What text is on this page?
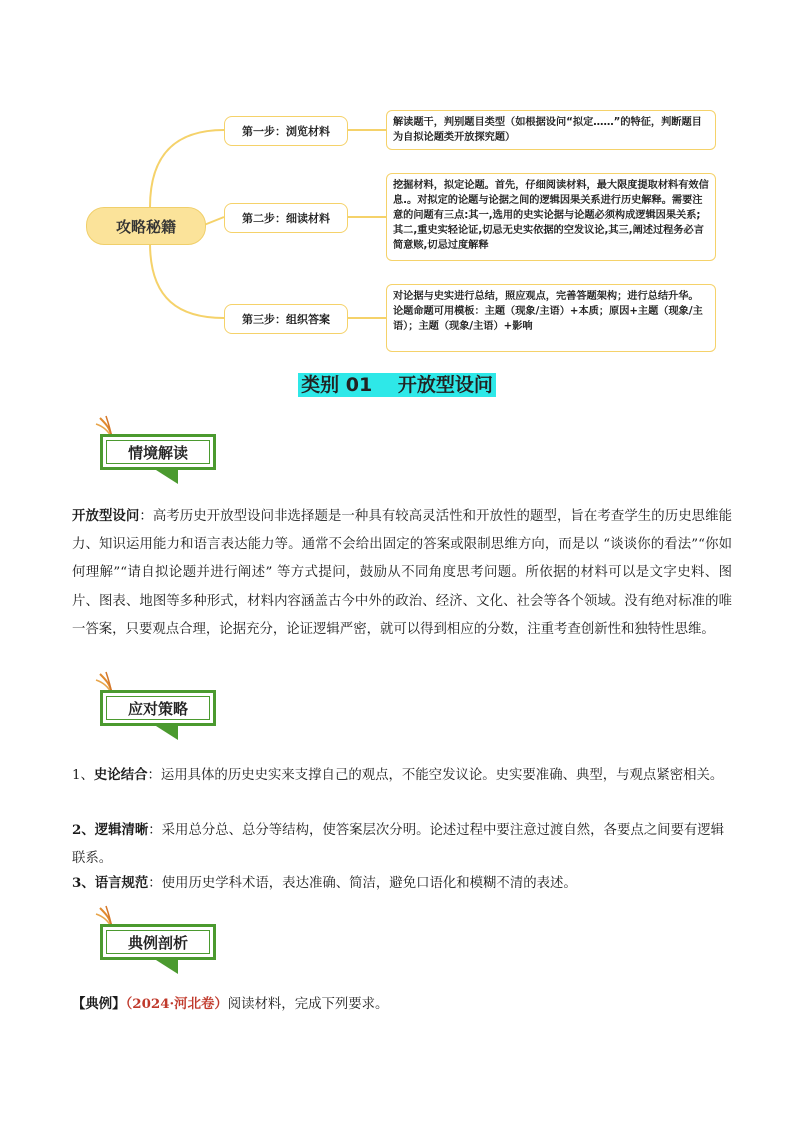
攻略秘籍
第一步：浏览材料
第二步：细读材料
第三步：组织答案
解读题干，判别题目类型（如根据设问“拟定……”的特征，判断题目为自拟论题类开放探究题）
挖掘材料，拟定论题。首先，仔细阅读材料，最大限度提取材料有效信息.。对拟定的论题与论据之间的逻辑因果关系进行历史解释。需要注意的问题有三点:其一,选用的史实论据与论题必须构成逻辑因果关系;其二,重史实轻论证,切忌无史实依据的空发议论,其三,阐述过程务必言简意赅,切忌过度解释
对论据与史实进行总结，照应观点，完善答题架构；进行总结升华。
论题命题可用模板：主题（现象/主语）+本质；原因+主题（现象/主语）；主题（现象/主语）+影响
类别 01　 开放型设问
情境解读
开放型设问：高考历史开放型设问非选择题是一种具有较高灵活性和开放性的题型，旨在考查学生的历史思维能力、知识运用能力和语言表达能力等。通常不会给出固定的答案或限制思维方向，而是以 “谈谈你的看法”“你如何理解”“请自拟论题并进行阐述” 等方式提问，鼓励从不同角度思考问题。所依据的材料可以是文字史料、图片、图表、地图等多种形式，材料内容涵盖古今中外的政治、经济、文化、社会等各个领域。没有绝对标准的唯一答案，只要观点合理，论据充分，论证逻辑严密，就可以得到相应的分数，注重考查创新性和独特性思维。
应对策略
1、史论结合：运用具体的历史史实来支撑自己的观点，不能空发议论。史实要准确、典型，与观点紧密相关。
2、逻辑清晰：采用总分总、总分等结构，使答案层次分明。论述过程中要注意过渡自然，各要点之间要有逻辑联系。
3、语言规范：使用历史学科术语，表达准确、简洁，避免口语化和模糊不清的表述。
典例剖析
【典例】（2024·河北卷）阅读材料，完成下列要求。
